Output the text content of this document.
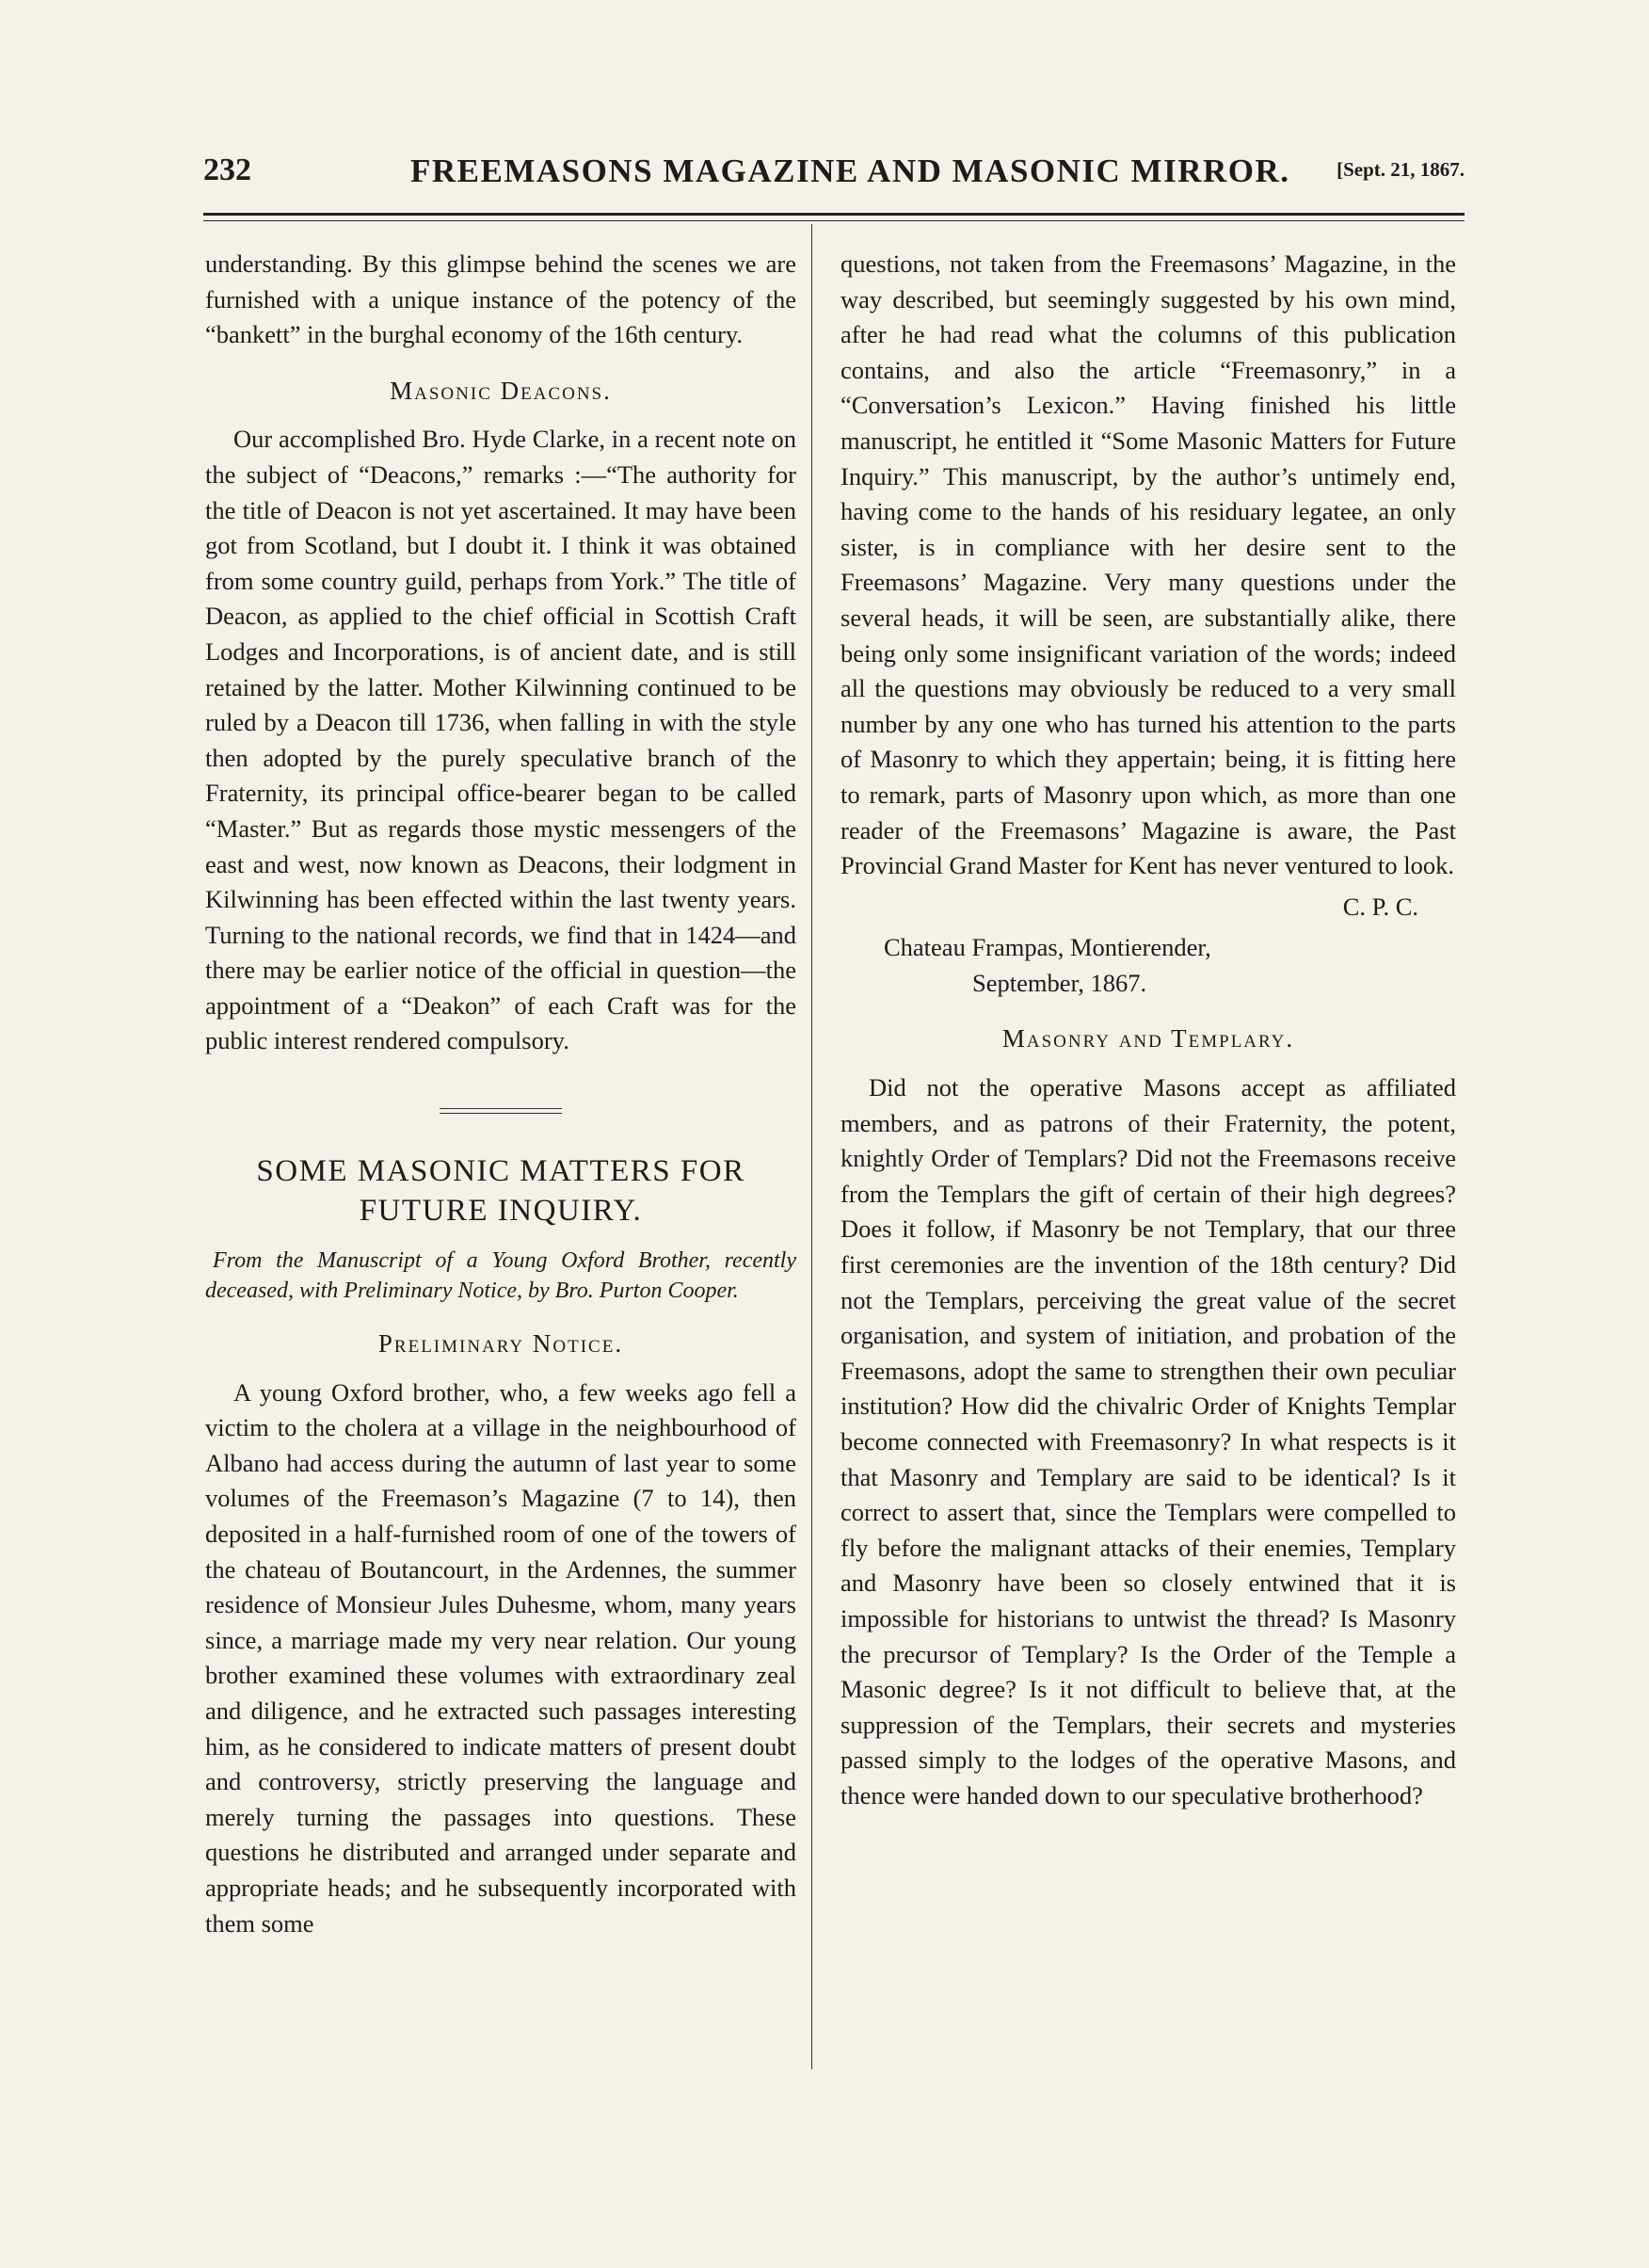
232	FREEMASONS MAGAZINE AND MASONIC MIRROR. [Sept. 21, 1867.

understanding. By this glimpse behind the scenes we are furnished with a unique instance of the potency of the “bankett” in the burghal economy of the 16th century.

Masonic Deacons.

Our accomplished Bro. Hyde Clarke, in a recent note on the subject of “Deacons,” remarks :—“The authority for the title of Deacon is not yet ascertained. It may have been got from Scotland, but I doubt it. I think it was obtained from some country guild, perhaps from York.” The title of Deacon, as applied to the chief official in Scottish Craft Lodges and Incorporations, is of ancient date, and is still retained by the latter. Mother Kilwinning continued to be ruled by a Deacon till 1736, when falling in with the style then adopted by the purely speculative branch of the Fraternity, its principal office-bearer began to be called “Master.” But as regards those mystic messengers of the east and west, now known as Deacons, their lodgment in Kilwinning has been effected within the last twenty years. Turning to the national records, we find that in 1424—and there may be earlier notice of the official in question—the appointment of a “Deakon” of each Craft was for the public interest rendered compulsory.

SOME MASONIC MATTERS FOR FUTURE INQUIRY.
From the Manuscript of a Young Oxford Brother, recently deceased, with Preliminary Notice, by Bro. Purton Cooper.
Preliminary Notice.

A young Oxford brother, who, a few weeks ago fell a victim to the cholera at a village in the neighbourhood of Albano had access during the autumn of last year to some volumes of the Freemason’s Magazine (7 to 14), then deposited in a half-furnished room of one of the towers of the chateau of Boutancourt, in the Ardennes, the summer residence of Monsieur Jules Duhesme, whom, many years since, a marriage made my very near relation. Our young brother examined these volumes with extraordinary zeal and diligence, and he extracted such passages interesting him, as he considered to indicate matters of present doubt and controversy, strictly preserving the language and merely turning the passages into questions. These questions he distributed and arranged under separate and appropriate heads; and he subsequently incorporated with them some

questions, not taken from the Freemasons’ Magazine, in the way described, but seemingly suggested by his own mind, after he had read what the columns of this publication contains, and also the article “Freemasonry,” in a “Conversation’s Lexicon.” Having finished his little manuscript, he entitled it “Some Masonic Matters for Future Inquiry.” This manuscript, by the author’s untimely end, having come to the hands of his residuary legatee, an only sister, is in compliance with her desire sent to the Freemasons’ Magazine. Very many questions under the several heads, it will be seen, are substantially alike, there being only some insignificant variation of the words; indeed all the questions may obviously be reduced to a very small number by any one who has turned his attention to the parts of Masonry to which they appertain; being, it is fitting here to remark, parts of Masonry upon which, as more than one reader of the Freemasons’ Magazine is aware, the Past Provincial Grand Master for Kent has never ventured to look.

C. P. C.
Chateau Frampas, Montierender,
September, 1867.
Masonry and Templary.

Did not the operative Masons accept as affiliated members, and as patrons of their Fraternity, the potent, knightly Order of Templars? Did not the Freemasons receive from the Templars the gift of certain of their high degrees? Does it follow, if Masonry be not Templary, that our three first ceremonies are the invention of the 18th century? Did not the Templars, perceiving the great value of the secret organisation, and system of initiation, and probation of the Freemasons, adopt the same to strengthen their own peculiar institution? How did the chivalric Order of Knights Templar become connected with Freemasonry? In what respects is it that Masonry and Templary are said to be identical? Is it correct to assert that, since the Templars were compelled to fly before the malignant attacks of their enemies, Templary and Masonry have been so closely entwined that it is impossible for historians to untwist the thread? Is Masonry the precursor of Templary? Is the Order of the Temple a Masonic degree? Is it not difficult to believe that, at the suppression of the Templars, their secrets and mysteries passed simply to the lodges of the operative Masons, and thence were handed down to our speculative brotherhood?
